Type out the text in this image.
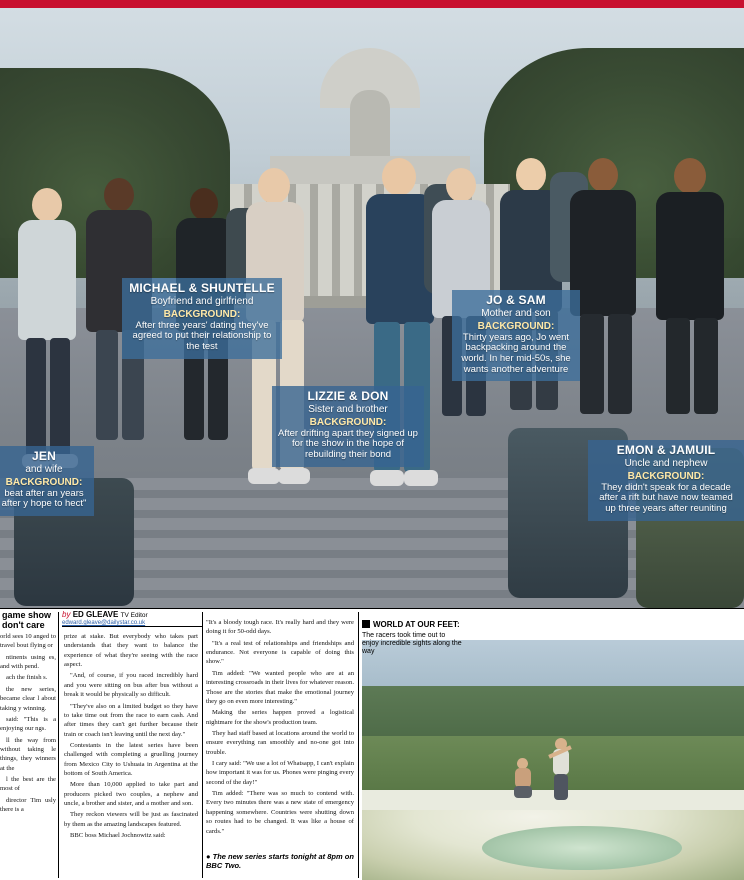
MICHAEL & SHUNTELLE
Boyfriend and girlfriend
BACKGROUND:
After three years' dating they've agreed to put their relationship to the test
JO & SAM
Mother and son
BACKGROUND:
Thirty years ago, Jo went backpacking around the world. In her mid-50s, she wants another adventure
LIZZIE & DON
Sister and brother
BACKGROUND:
After drifting apart they signed up for the show in the hope of rebuilding their bond	EMON & JAMUIL
Uncle and nephew
BACKGROUND:
They didn't speak for a decade after a rift but have now teamed up three years after reuniting
JEN
and wife
BACKGROUND:
beat after an years after y hope to hect"
game show don't care
by ED GLEAVE TV Editor
edward.gleave@dailystar.co.uk

orld sees 10 anged to travel bout flying or

ntinents using es, and with pend.

ach the finish s.

the new series, became clear l about taking y winning.

said: "This is a enjoying our ngs.

ll the way from without taking le things, they winners at the

l the best are the most of

director Tim usly there is a

prize at stake. But everybody who takes part understands that they want to balance the experience of what they're seeing with the race aspect.

"And, of course, if you raced incredibly hard and you were sitting on bus after bus without a break it would be physically so difficult.

"They've also on a limited budget so they have to take time out from the race to earn cash. And after times they can't get further because their train or coach isn't leaving until the next day."

Contestants in the latest series have been challenged with completing a gruelling journey from Mexico City to Ushuaia in Argentina at the bottom of South America.

More than 10,000 applied to take part and producers picked two couples, a nephew and uncle, a brother and sister, and a mother and son.

They reckon viewers will be just as fascinated by them as the amazing landscapes featured.

BBC boss Michael Jochnowitz said:

"It's a bloody tough race. It's really hard and they were doing it for 50-odd days.

"It's a real test of relationships and friendships and endurance. Not everyone is capable of doing this show."

Tim added: "We wanted people who are at an interesting crossroads in their lives for whatever reason. Those are the stories that make the emotional journey they go on even more interesting."

Making the series happen proved a logistical nightmare for the show's production team.

They had staff based at locations around the world to ensure everything ran smoothly and no-one got into trouble.

I cary said: "We use a lot of Whatsapp, I can't explain how important it was for us. Phones were pinging every second of the day!"

Tim added: "There was so much to contend with. Every two minutes there was a new state of emergency happening somewhere. Countries were shutting down so routes had to be changed. It was like a house of cards."

● The new series starts tonight at 8pm on BBC Two.
WORLD AT OUR FEET:
The racers took time out to enjoy incredible sights along the way
